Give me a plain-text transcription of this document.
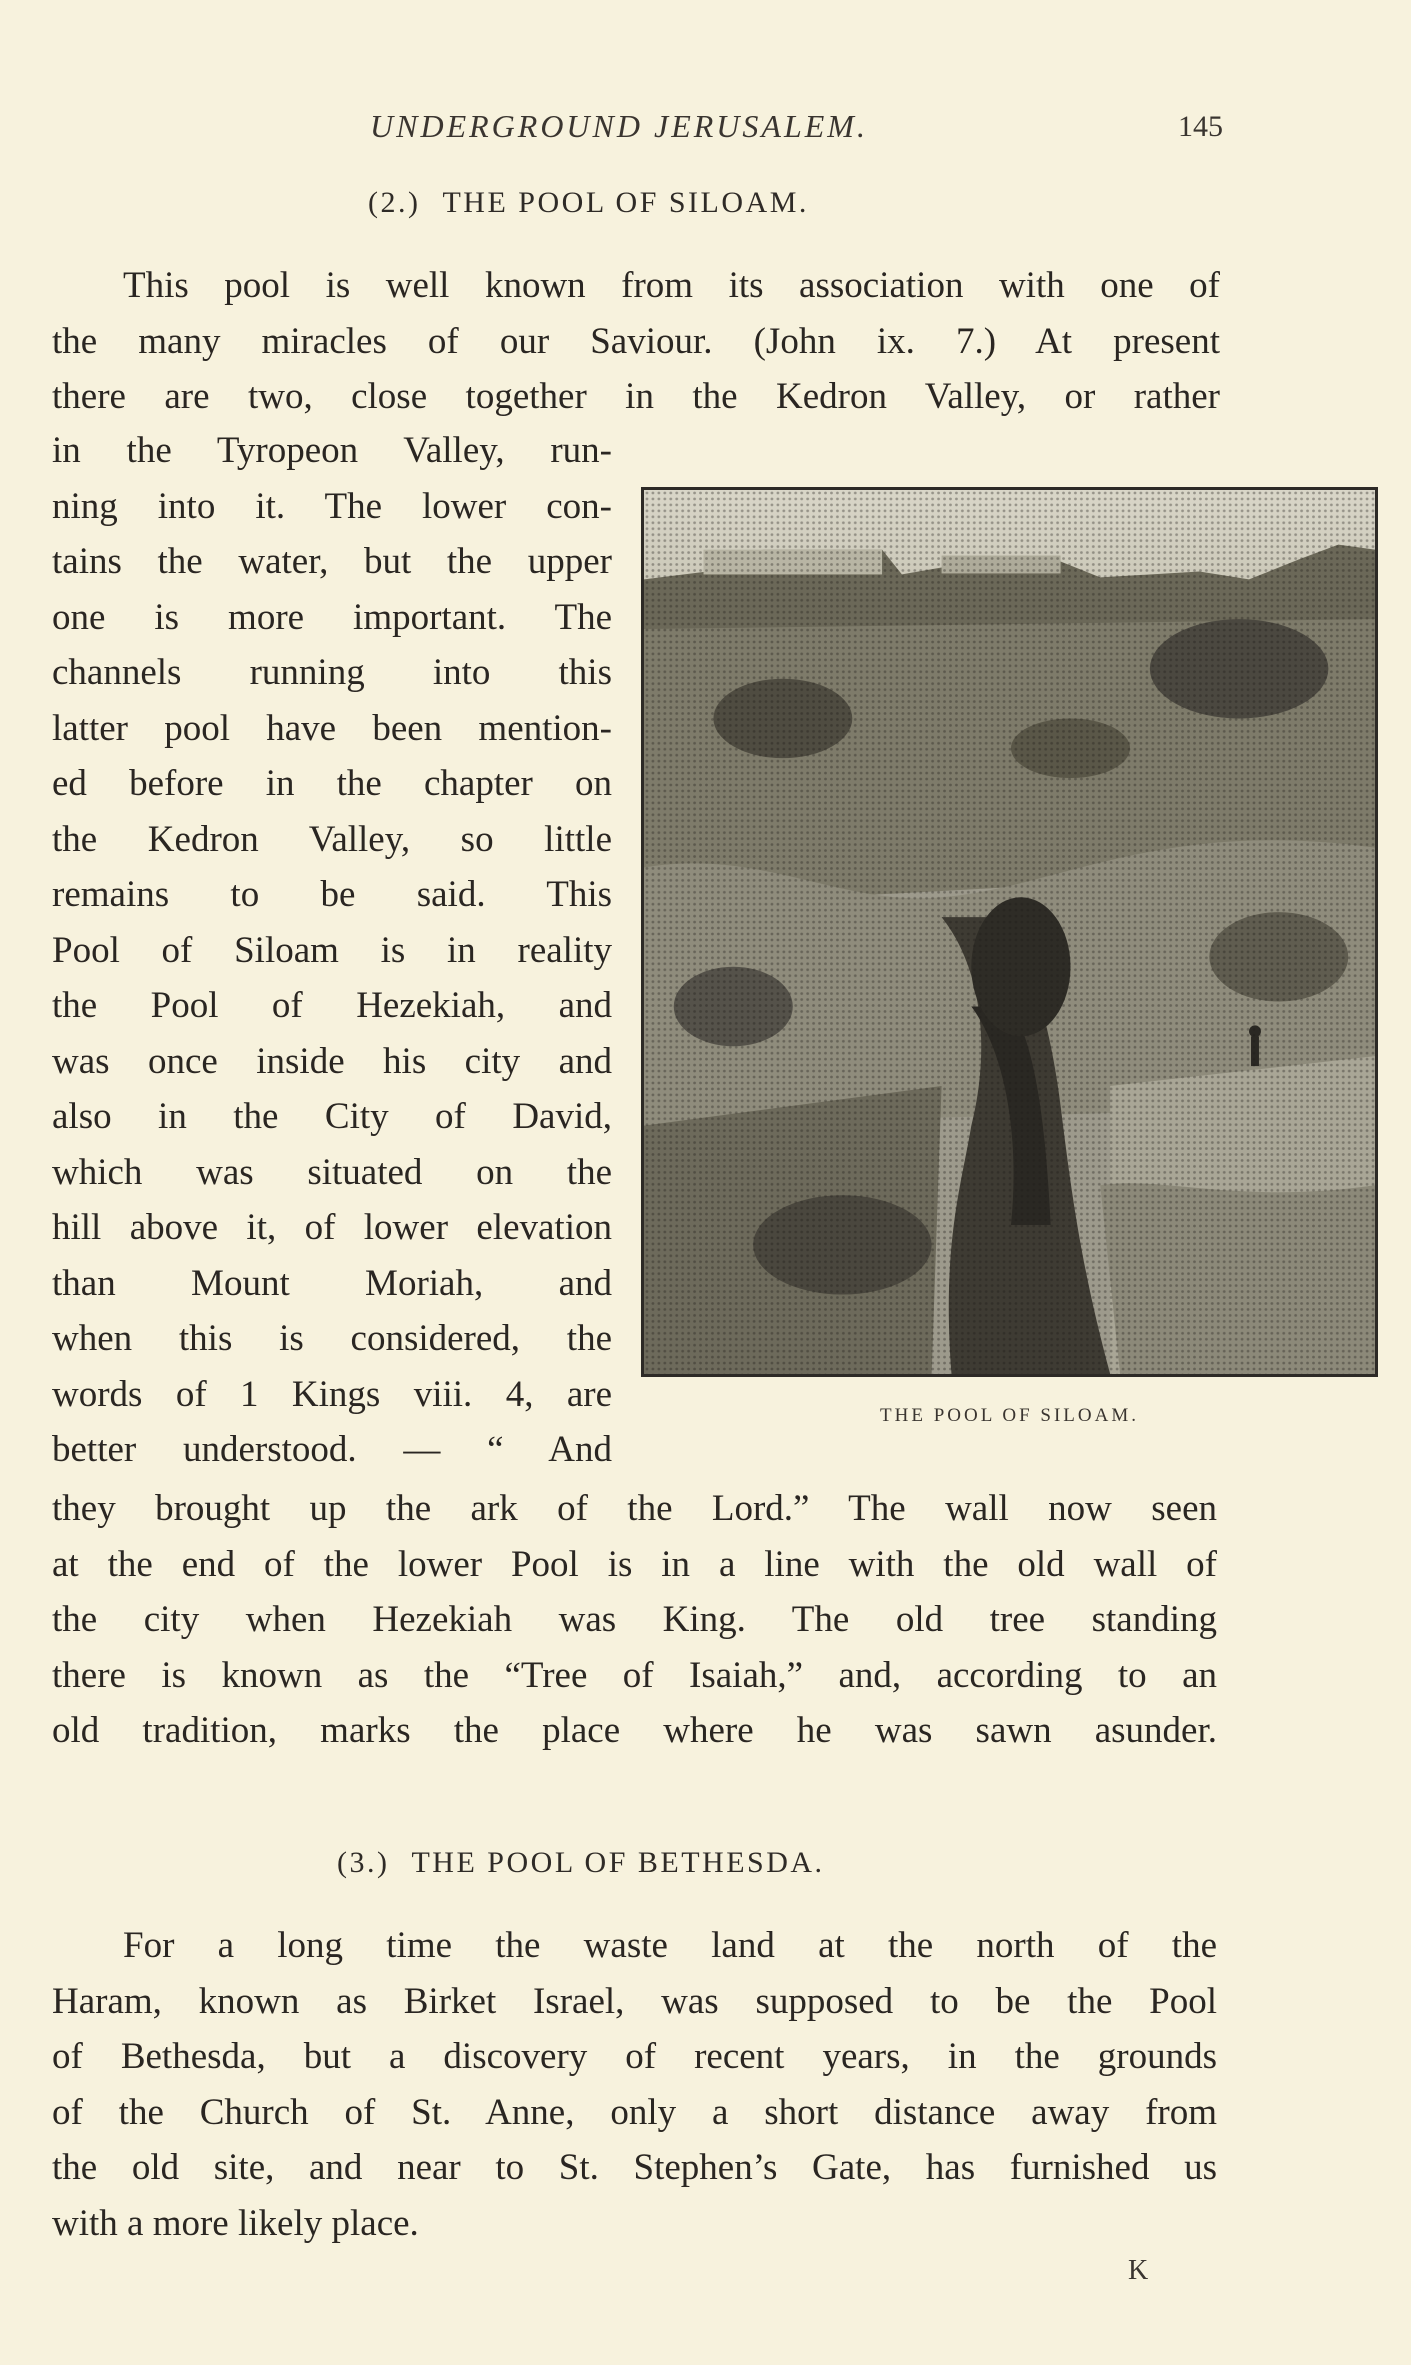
UNDERGROUND JERUSALEM.	145
(2.) THE POOL OF SILOAM.
This pool is well known from its association with one of
the many miracles of our Saviour. (John ix. 7.) At present
there are two, close together in the Kedron Valley, or rather
in the Tyropeon Valley, run-
ning into it. The lower con-
tains the water, but the upper
one is more important. The
channels running into this
latter pool have been mention-
ed before in the chapter on
the Kedron Valley, so little
remains to be said. This
Pool of Siloam is in reality
the Pool of Hezekiah, and
was once inside his city and
also in the City of David,
which was situated on the
hill above it, of lower elevation
than Mount Moriah, and
when this is considered, the
words of 1 Kings viii. 4, are
better understood. — “ And
THE POOL OF SILOAM.
they brought up the ark of the Lord.” The wall now seen
at the end of the lower Pool is in a line with the old wall of
the city when Hezekiah was King. The old tree standing
there is known as the “Tree of Isaiah,” and, according to an
old tradition, marks the place where he was sawn asunder.
(3.) THE POOL OF BETHESDA.
For a long time the waste land at the north of the
Haram, known as Birket Israel, was supposed to be the Pool
of Bethesda, but a discovery of recent years, in the grounds
of the Church of St. Anne, only a short distance away from
the old site, and near to St. Stephen’s Gate, has furnished us
with a more likely place.
K
